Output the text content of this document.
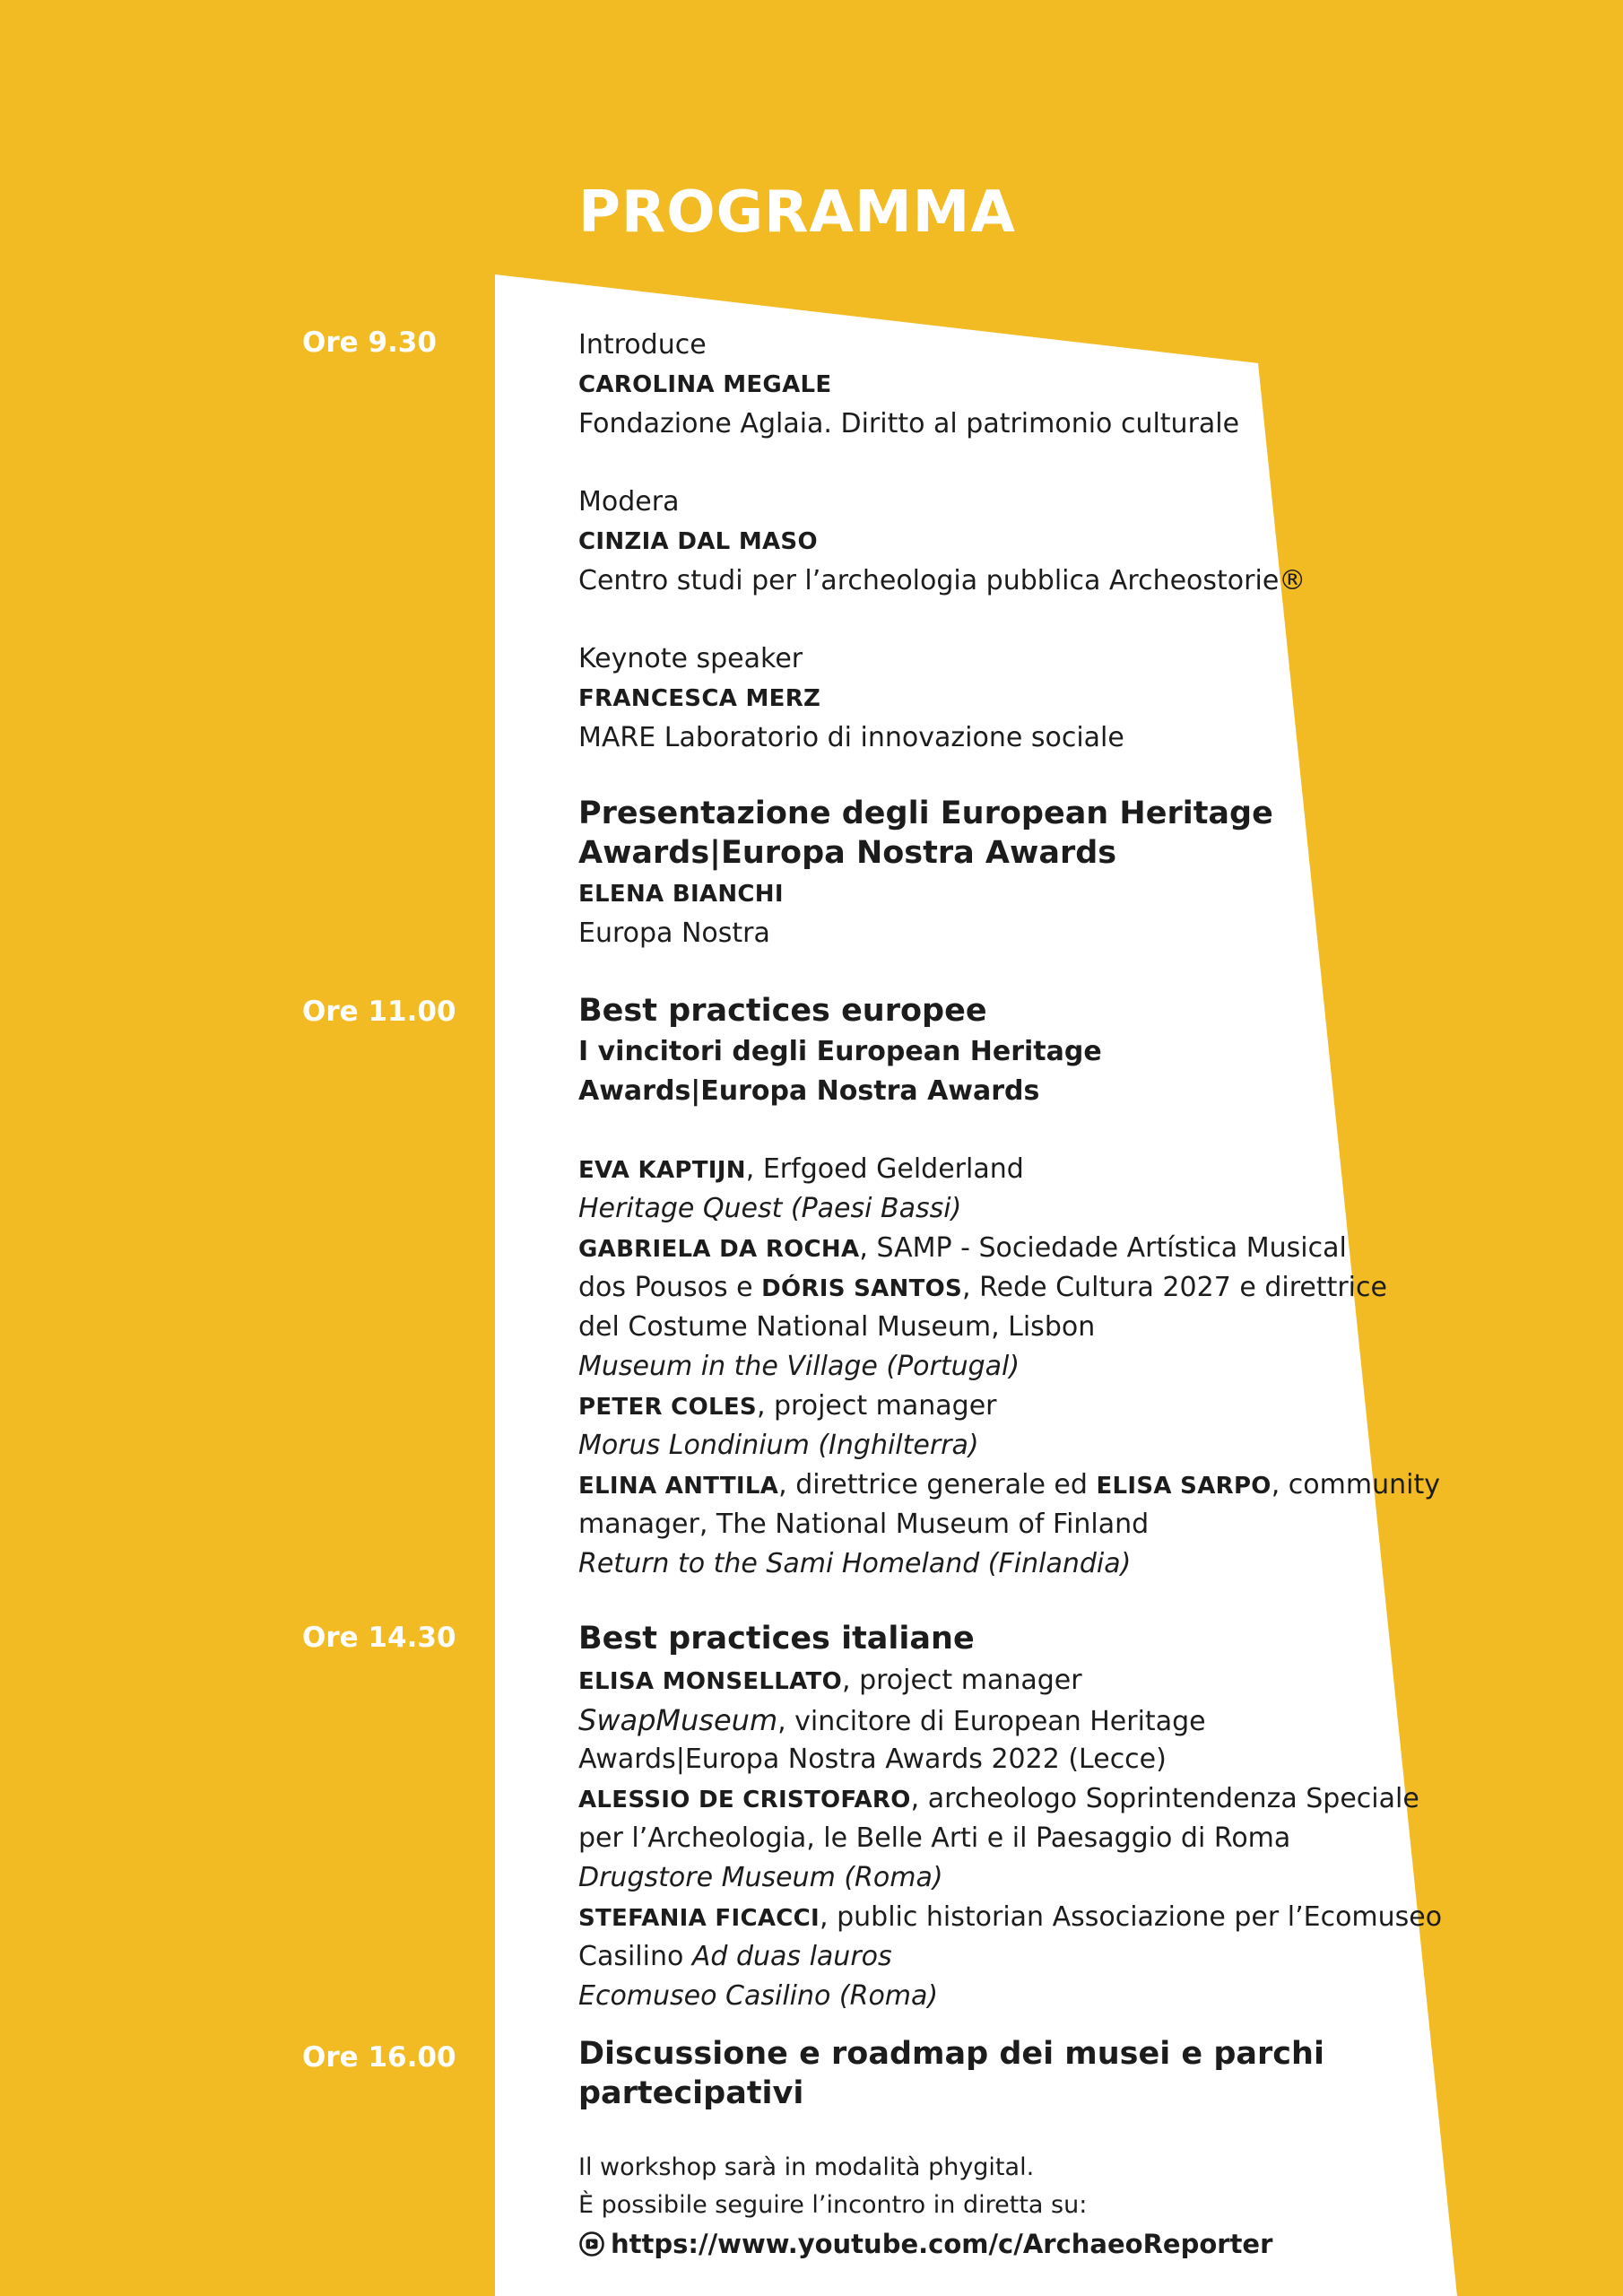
PROGRAMMA
Ore 9.30
Ore 11.00
Ore 14.30
Ore 16.00
Introduce
CAROLINA MEGALE
Fondazione Aglaia. Diritto al patrimonio culturale
Modera
CINZIA DAL MASO
Centro studi per l’archeologia pubblica Archeostorie®
Keynote speaker
FRANCESCA MERZ
MARE Laboratorio di innovazione sociale
Presentazione degli European Heritage
Awards|Europa Nostra Awards
ELENA BIANCHI
Europa Nostra
Best practices europee
I vincitori degli European Heritage
Awards|Europa Nostra Awards
EVA KAPTIJN, Erfgoed Gelderland
Heritage Quest (Paesi Bassi)
GABRIELA DA ROCHA, SAMP - Sociedade Artística Musical
dos Pousos e DÓRIS SANTOS, Rede Cultura 2027 e direttrice
del Costume National Museum, Lisbon
Museum in the Village (Portugal)
PETER COLES, project manager
Morus Londinium (Inghilterra)
ELINA ANTTILA, direttrice generale ed ELISA SARPO, community
manager, The National Museum of Finland
Return to the Sami Homeland (Finlandia)
Best practices italiane
ELISA MONSELLATO, project manager
SwapMuseum, vincitore di European Heritage
Awards|Europa Nostra Awards 2022 (Lecce)
ALESSIO DE CRISTOFARO, archeologo Soprintendenza Speciale
per l’Archeologia, le Belle Arti e il Paesaggio di Roma
Drugstore Museum (Roma)
STEFANIA FICACCI, public historian Associazione per l’Ecomuseo
Casilino Ad duas lauros
Ecomuseo Casilino (Roma)
Discussione e roadmap dei musei e parchi
partecipativi
Il workshop sarà in modalità phygital.
È possibile seguire l’incontro in diretta su:
https://www.youtube.com/c/ArchaeoReporter
